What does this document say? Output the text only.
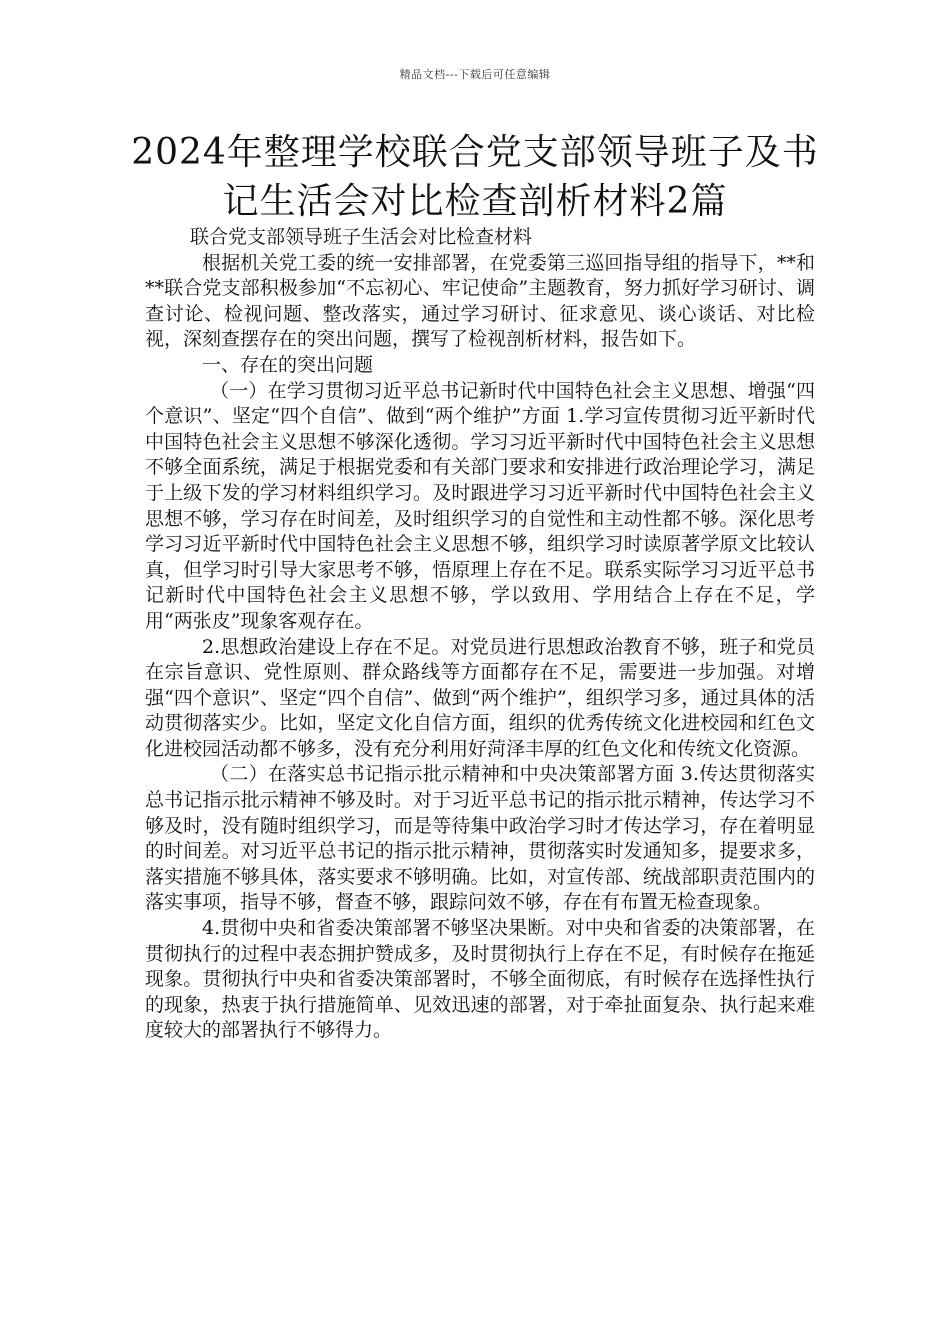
精品文档---下载后可任意编辑
2024年整理学校联合党支部领导班子及书记生活会对比检查剖析材料2篇

联合党支部领导班子生活会对比检查材料

根据机关党工委的统一安排部署，在党委第三巡回指导组的指导下，**和**联合党支部积极参加“不忘初心、牢记使命”主题教育，努力抓好学习研讨、调查讨论、检视问题、整改落实，通过学习研讨、征求意见、谈心谈话、对比检视，深刻查摆存在的突出问题，撰写了检视剖析材料，报告如下。

一、存在的突出问题

（一）在学习贯彻习近平总书记新时代中国特色社会主义思想、增强“四个意识”、坚定“四个自信”、做到“两个维护”方面 1.学习宣传贯彻习近平新时代中国特色社会主义思想不够深化透彻。学习习近平新时代中国特色社会主义思想不够全面系统，满足于根据党委和有关部门要求和安排进行政治理论学习，满足于上级下发的学习材料组织学习。及时跟进学习习近平新时代中国特色社会主义思想不够，学习存在时间差，及时组织学习的自觉性和主动性都不够。深化思考学习习近平新时代中国特色社会主义思想不够，组织学习时读原著学原文比较认真，但学习时引导大家思考不够，悟原理上存在不足。联系实际学习习近平总书记新时代中国特色社会主义思想不够，学以致用、学用结合上存在不足，学用“两张皮”现象客观存在。

2.思想政治建设上存在不足。对党员进行思想政治教育不够，班子和党员在宗旨意识、党性原则、群众路线等方面都存在不足，需要进一步加强。对增强“四个意识”、坚定“四个自信”、做到“两个维护”，组织学习多，通过具体的活动贯彻落实少。比如，坚定文化自信方面，组织的优秀传统文化进校园和红色文化进校园活动都不够多，没有充分利用好菏泽丰厚的红色文化和传统文化资源。

（二）在落实总书记指示批示精神和中央决策部署方面 3.传达贯彻落实总书记指示批示精神不够及时。对于习近平总书记的指示批示精神，传达学习不够及时，没有随时组织学习，而是等待集中政治学习时才传达学习，存在着明显的时间差。对习近平总书记的指示批示精神，贯彻落实时发通知多，提要求多，落实措施不够具体，落实要求不够明确。比如，对宣传部、统战部职责范围内的落实事项，指导不够，督查不够，跟踪问效不够，存在有布置无检查现象。

4.贯彻中央和省委决策部署不够坚决果断。对中央和省委的决策部署，在贯彻执行的过程中表态拥护赞成多，及时贯彻执行上存在不足，有时候存在拖延现象。贯彻执行中央和省委决策部署时，不够全面彻底，有时候存在选择性执行的现象，热衷于执行措施简单、见效迅速的部署，对于牵扯面复杂、执行起来难度较大的部署执行不够得力。
